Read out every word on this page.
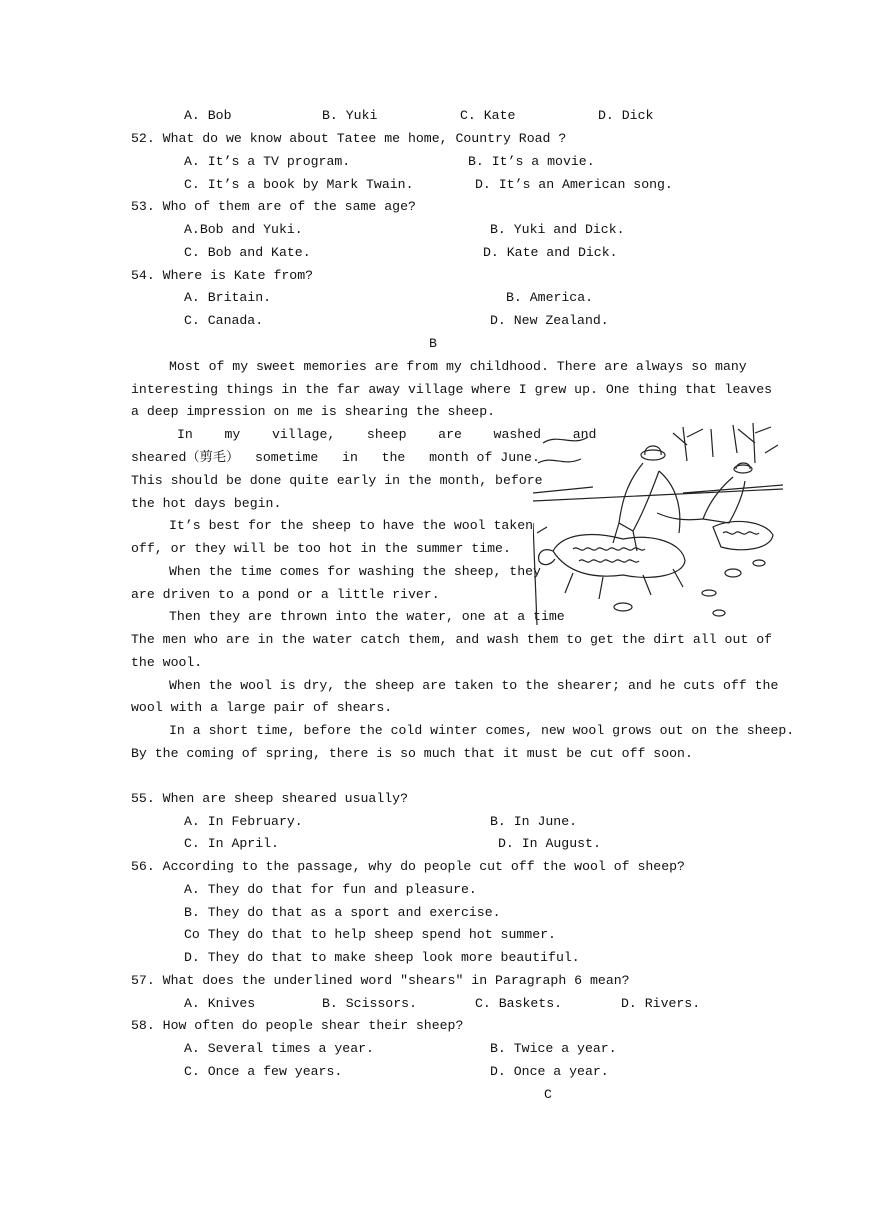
A. Bob	B. Yuki	C. Kate	D. Dick
52. What do we know about Tatee me home, Country Road ?
A. It’s a TV program.	B. It’s a movie.
C. It’s a book by Mark Twain.	D. It’s an American song.
53. Who of them are of the same age?
A.Bob and Yuki.	B. Yuki and Dick.
C. Bob and Kate.	D. Kate and Dick.
54. Where is Kate from?
A. Britain.	B. America.
C. Canada.	D. New Zealand.
B
Most of my sweet memories are from my childhood. There are always so many
interesting things in the far away village where I grew up. One thing that leaves
a deep impression on me is shearing the sheep.
In    my    village,    sheep    are    washed    and
sheared（剪毛）  sometime   in   the   month of June.
This should be done quite early in the month, before
the hot days begin.
It’s best for the sheep to have the wool taken
off, or they will be too hot in the summer time.
When the time comes for washing the sheep, they
are driven to a pond or a little river.
Then they are thrown into the water, one at a time
The men who are in the water catch them, and wash them to get the dirt all out of
the wool.
When the wool is dry, the sheep are taken to the shearer; and he cuts off the
wool with a large pair of shears.
In a short time, before the cold winter comes, new wool grows out on the sheep.
By the coming of spring, there is so much that it must be cut off soon.
55. When are sheep sheared usually?
A. In February.	B. In June.
C. In April.	D. In August.
56. According to the passage, why do people cut off the wool of sheep?
A. They do that for fun and pleasure.
B. They do that as a sport and exercise.
Co They do that to help sheep spend hot summer.
D. They do that to make sheep look more beautiful.
57. What does the underlined word "shears" in Paragraph 6 mean?
A. Knives	B. Scissors.	C. Baskets.	D. Rivers.
58. How often do people shear their sheep?
A. Several times a year.	B. Twice a year.
C. Once a few years.	D. Once a year.
C
